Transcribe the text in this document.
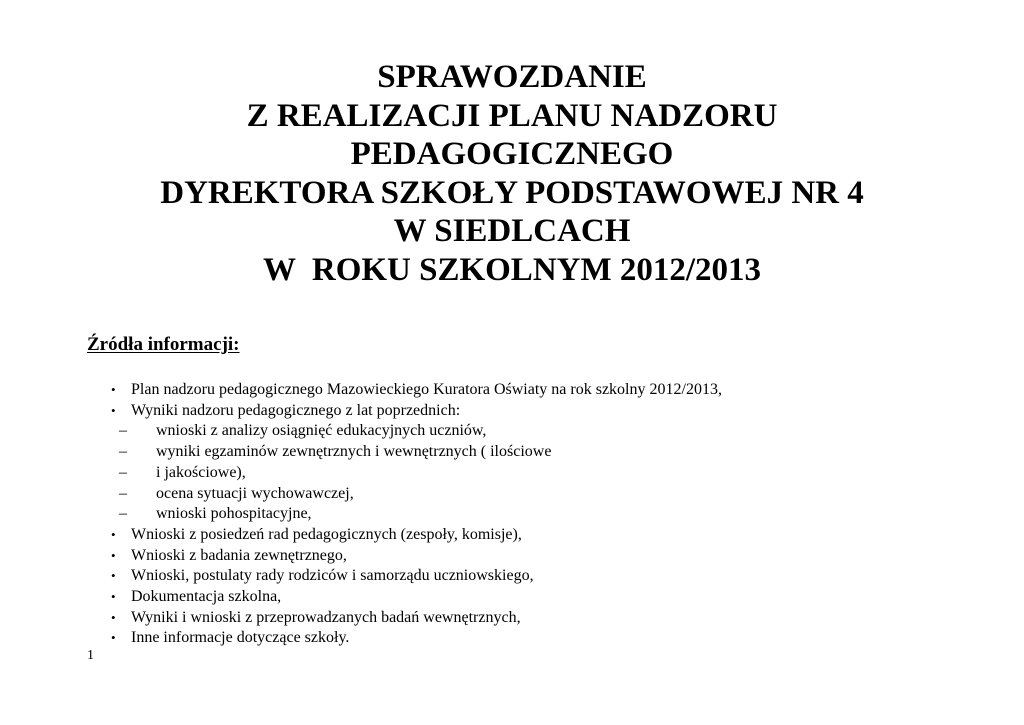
SPRAWOZDANIE
Z REALIZACJI PLANU NADZORU
PEDAGOGICZNEGO
DYREKTORA SZKOŁY PODSTAWOWEJ NR 4
W SIEDLCACH
W  ROKU SZKOLNYM 2012/2013
Źródła informacji:
• Plan nadzoru pedagogicznego Mazowieckiego Kuratora Oświaty na rok szkolny 2012/2013,
• Wyniki nadzoru pedagogicznego z lat poprzednich:
– wnioski z analizy osiągnięć edukacyjnych uczniów,
– wyniki egzaminów zewnętrznych i wewnętrznych ( ilościowe
– i jakościowe),
– ocena sytuacji wychowawczej,
– wnioski pohospitacyjne,
• Wnioski z posiedzeń rad pedagogicznych (zespoły, komisje),
• Wnioski z badania zewnętrznego,
• Wnioski, postulaty rady rodziców i samorządu uczniowskiego,
• Dokumentacja szkolna,
• Wyniki i wnioski z przeprowadzanych badań wewnętrznych,
• Inne informacje dotyczące szkoły.
1
